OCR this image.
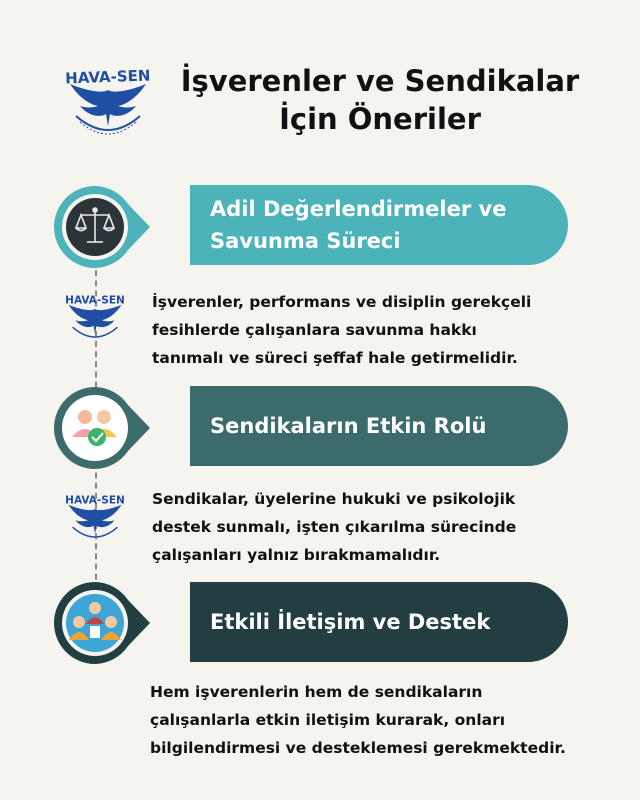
İşverenler ve Sendikalar
İçin Öneriler
HAVA-SEN
Adil Değerlendirmeler ve
Savunma Süreci
HAVA-SEN İşverenler, performans ve disiplin gerekçeli
fesihlerde çalışanlara savunma hakkı
tanımalı ve süreci şeffaf hale getirmelidir.
Sendikaların Etkin Rolü
HAVA-SEN Sendikalar, üyelerine hukuki ve psikolojik
destek sunmalı, işten çıkarılma sürecinde
çalışanları yalnız bırakmamalıdır.
Etkili İletişim ve Destek
Hem işverenlerin hem de sendikaların
çalışanlarla etkin iletişim kurarak, onları
bilgilendirmesi ve desteklemesi gerekmektedir.
